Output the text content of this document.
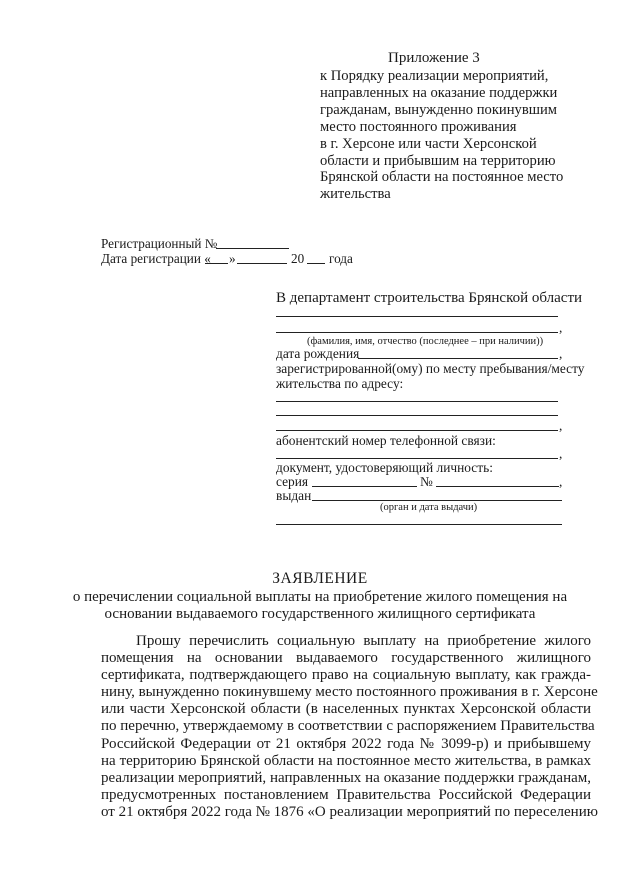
Приложение 3
к Порядку реализации мероприятий,
направленных на оказание поддержки
гражданам, вынужденно покинувшим
место постоянного проживания
в г. Херсоне или части Херсонской
области и прибывшим на территорию
Брянской области на постоянное место
жительства
Регистрационный №
Дата регистрации « »	20 года
В департамент строительства Брянской области
,
(фамилия, имя, отчество (последнее – при наличии))
дата рождения	,
зарегистрированной(ому) по месту пребывания/месту
жительства по адресу:
,
абонентский номер телефонной связи:
,
документ, удостоверяющий личность:
серия	№	,
выдан
(орган и дата выдачи)
ЗАЯВЛЕНИЕ
о перечислении социальной выплаты на приобретение жилого помещения на
основании выдаваемого государственного жилищного сертификата
Прошу перечислить социальную выплату на приобретение жилого
помещения на основании выдаваемого государственного жилищного
сертификата, подтверждающего право на социальную выплату, как гражда-
нину, вынужденно покинувшему место постоянного проживания в г. Херсоне
или части Херсонской области (в населенных пунктах Херсонской области
по перечню, утверждаемому в соответствии с распоряжением Правительства
Российской Федерации от 21 октября 2022 года № 3099-р) и прибывшему
на территорию Брянской области на постоянное место жительства, в рамках
реализации мероприятий, направленных на оказание поддержки гражданам,
предусмотренных постановлением Правительства Российской Федерации
от 21 октября 2022 года № 1876 «О реализации мероприятий по переселению
